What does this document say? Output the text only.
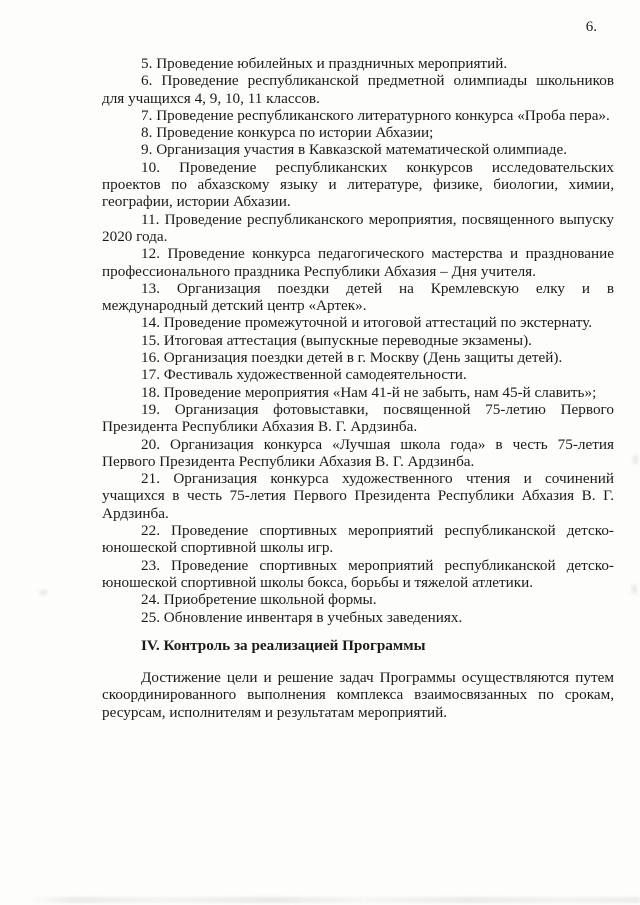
6.

5. Проведение юбилейных и праздничных мероприятий.

6. Проведение республиканской предметной олимпиады школьников для учащихся 4, 9, 10, 11 классов.

7. Проведение республиканского литературного конкурса «Проба пера».

8. Проведение конкурса по истории Абхазии;

9. Организация участия в Кавказской математической олимпиаде.

10. Проведение республиканских конкурсов исследовательских проектов по абхазскому языку и литературе, физике, биологии, химии, географии, истории Абхазии.

11. Проведение республиканского мероприятия, посвященного выпуску 2020 года.

12. Проведение конкурса педагогического мастерства и празднование профессионального праздника Республики Абхазия – Дня учителя.

13. Организация поездки детей на Кремлевскую елку и в международный детский центр «Артек».

14. Проведение промежуточной и итоговой аттестаций по экстернату.

15. Итоговая аттестация (выпускные переводные экзамены).

16. Организация поездки детей в г. Москву (День защиты детей).

17. Фестиваль художественной самодеятельности.

18. Проведение мероприятия «Нам 41-й не забыть, нам 45-й славить»;

19. Организация фотовыставки, посвященной 75-летию Первого Президента Республики Абхазия В. Г. Ардзинба.

20. Организация конкурса «Лучшая школа года» в честь 75-летия Первого Президента Республики Абхазия В. Г. Ардзинба.

21. Организация конкурса художественного чтения и сочинений учащихся в честь 75-летия Первого Президента Республики Абхазия В. Г. Ардзинба.

22. Проведение спортивных мероприятий республиканской детско-юношеской спортивной школы игр.

23. Проведение спортивных мероприятий республиканской детско-юношеской спортивной школы бокса, борьбы и тяжелой атлетики.

24. Приобретение школьной формы.

25. Обновление инвентаря в учебных заведениях.

IV. Контроль за реализацией Программы

Достижение цели и решение задач Программы осуществляются путем скоординированного выполнения комплекса взаимосвязанных по срокам, ресурсам, исполнителям и результатам мероприятий.
